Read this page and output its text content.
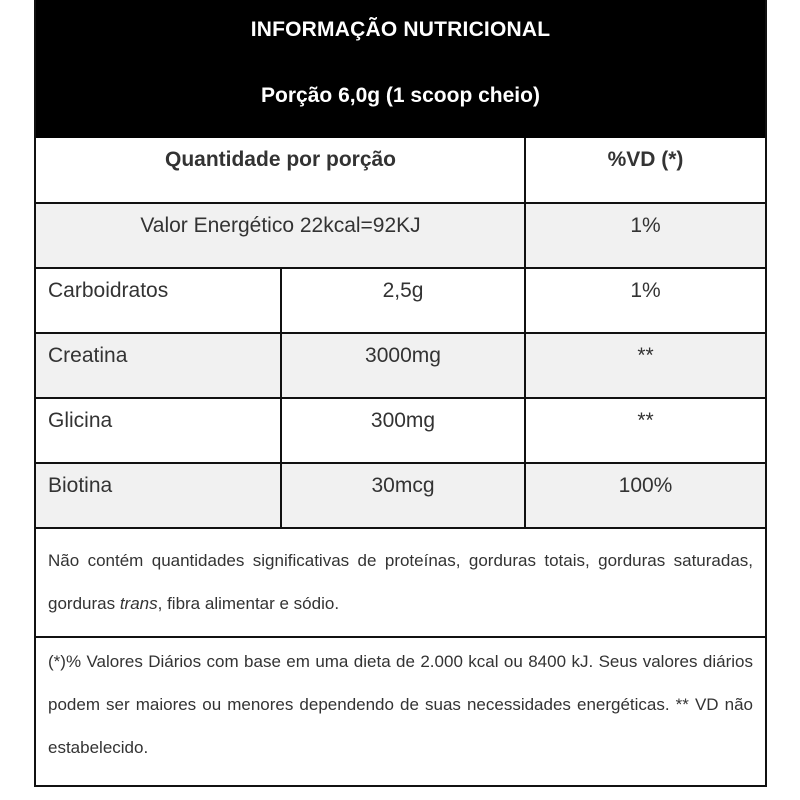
INFORMAÇÃO NUTRICIONAL
Porção 6,0g (1 scoop cheio)
Quantidade por porção	%VD (*)
Valor Energético 22kcal=92KJ	1%
Carboidratos	2,5g	1%
Creatina	3000mg	**
Glicina	300mg	**
Biotina	30mcg	100%

Não contém quantidades significativas de proteínas, gorduras totais, gorduras saturadas, gorduras trans, fibra alimentar e sódio.

(*)% Valores Diários com base em uma dieta de 2.000 kcal ou 8400 kJ. Seus valores diários podem ser maiores ou menores dependendo de suas necessidades energéticas. ** VD não estabelecido.
